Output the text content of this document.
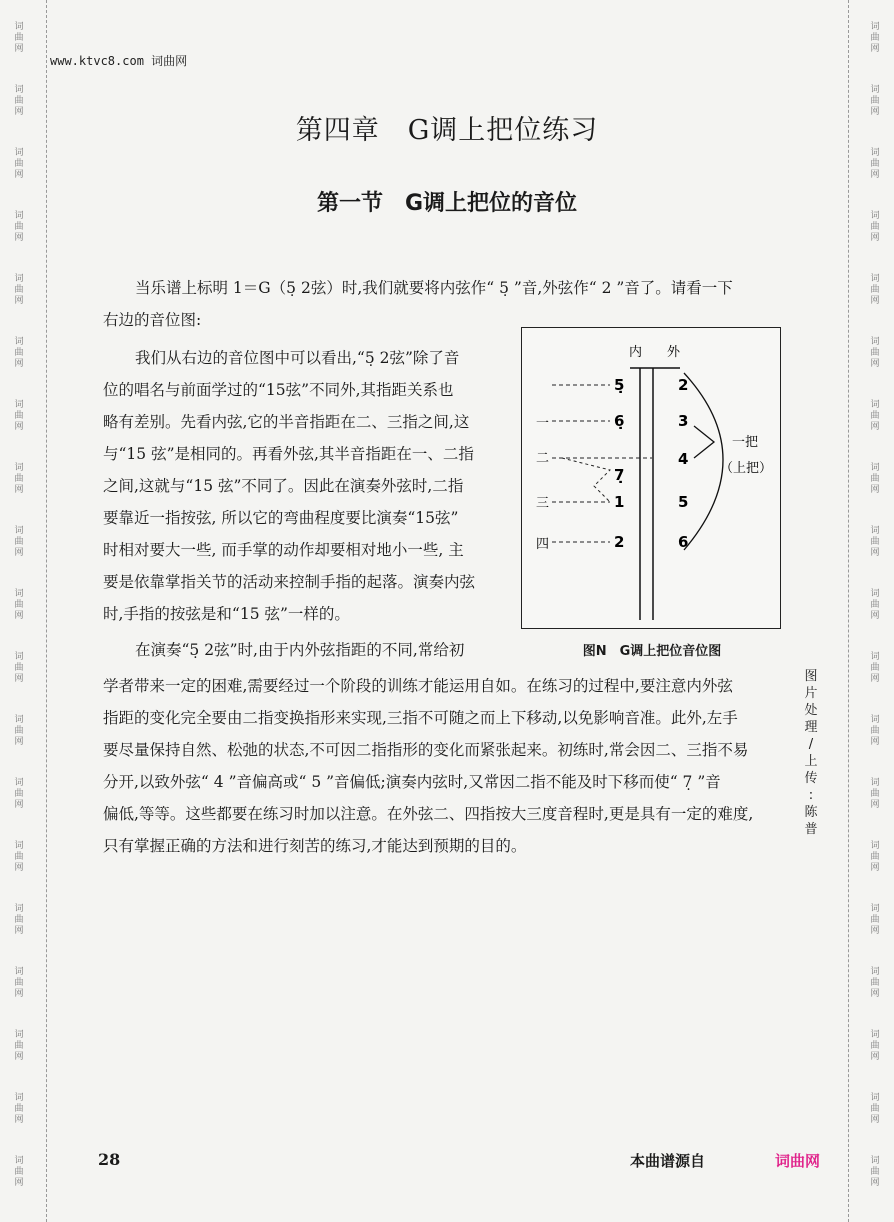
词
曲
网
词
曲
网
词
曲
网
词
曲
网
词
曲
网
词
曲
网
词
曲
网
词
曲
网
词
曲
网
词
曲
网
词
曲
网
词
曲
网
词
曲
网
词
曲
网
词
曲
网
词
曲
网
词
曲
网
词
曲
网
词
曲
网
词
曲
网
词
曲
网
词
曲
网
词
曲
网
词
曲
网
词
曲
网
词
曲
网
词
曲
网
词
曲
网
词
曲
网
词
曲
网
词
曲
网
词
曲
网
词
曲
网
词
曲
网
词
曲
网
词
曲
网
词
曲
网
词
曲
网
www.ktvc8.com 词曲网
第四章　G调上把位练习
第一节　G调上把位的音位

当乐谱上标明 1＝G（5̣ 2弦）时,我们就要将内弦作“ 5̣ ”音,外弦作“ 2 ”音了。请看一下

右边的音位图:

我们从右边的音位图中可以看出,“5̣ 2弦”除了音

位的唱名与前面学过的“15弦”不同外,其指距关系也

略有差别。先看内弦,它的半音指距在二、三指之间,这

与“15 弦”是相同的。再看外弦,其半音指距在一、二指

之间,这就与“15 弦”不同了。因此在演奏外弦时,二指

要靠近一指按弦, 所以它的弯曲程度要比演奏“15弦”

时相对要大一些, 而手掌的动作却要相对地小一些, 主

要是依靠掌指关节的活动来控制手指的起落。演奏内弦

时,手指的按弦是和“15 弦”一样的。

在演奏“5̣ 2弦”时,由于内外弦指距的不同,常给初

学者带来一定的困难,需要经过一个阶段的训练才能运用自如。在练习的过程中,要注意内外弦

指距的变化完全要由二指变换指形来实现,三指不可随之而上下移动,以免影响音准。此外,左手

要尽量保持自然、松弛的状态,不可因二指指形的变化而紧张起来。初练时,常会因二、三指不易

分开,以致外弦“ 4 ”音偏高或“ 5 ”音偏低;演奏内弦时,又常因二指不能及时下移而使“ 7̣ ”音

偏低,等等。这些都要在练习时加以注意。在外弦二、四指按大三度音程时,更是具有一定的难度,

只有掌握正确的方法和进行刻苦的练习,才能达到预期的目的。

内 外
一
二
三
四
5̣
6̣
7̣
1
2
2
3
4
5
6
一把
（上把）
图N　G调上把位音位图
图
片
处
理
/
上
传
:
陈
普
28	本曲谱源自	词曲网
